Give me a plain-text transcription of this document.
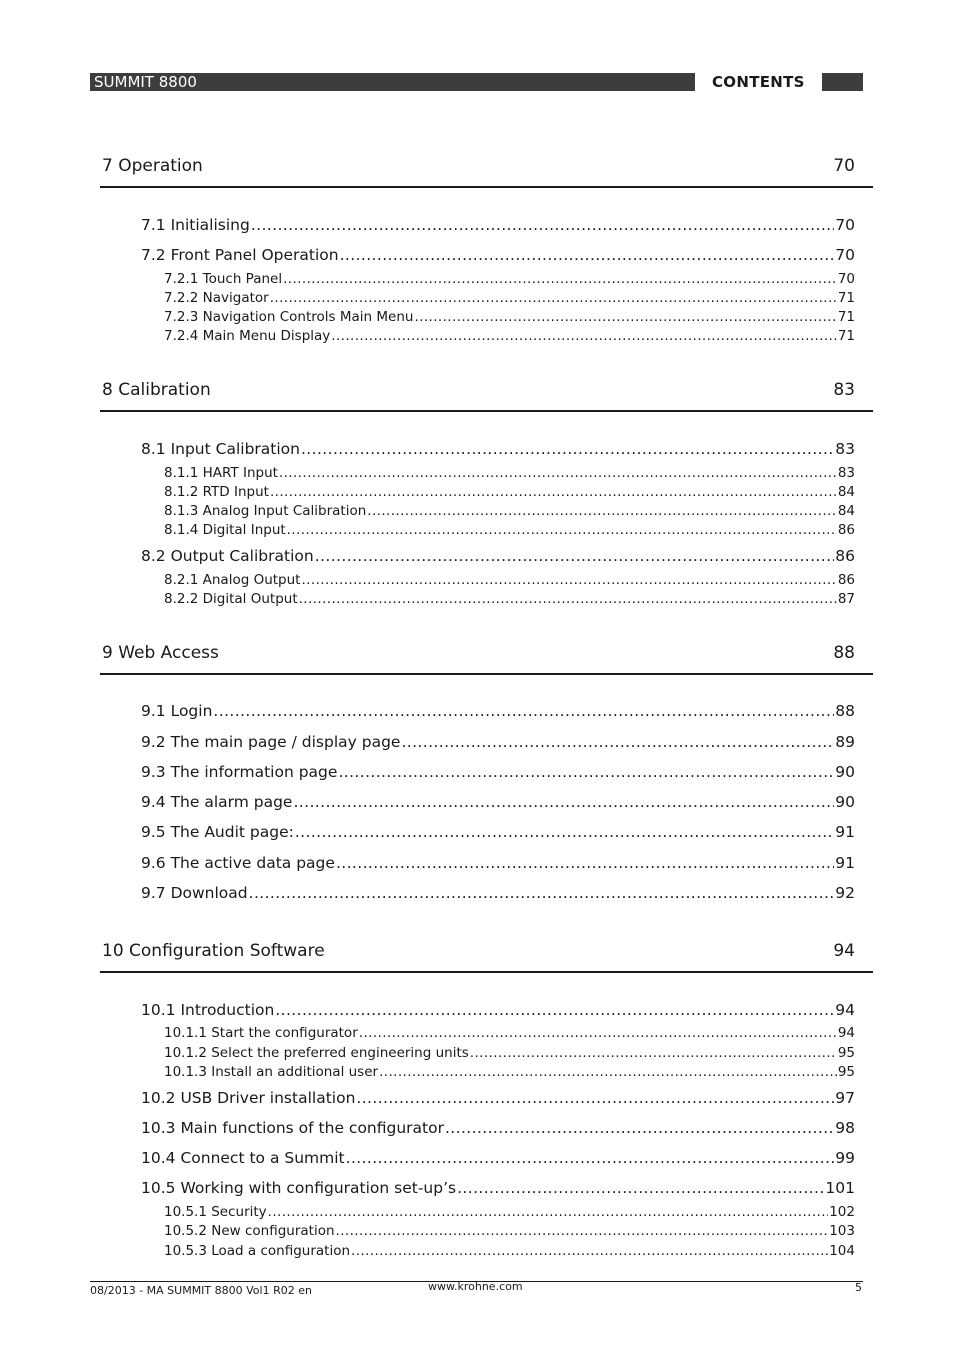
SUMMIT 8800	CONTENTS
7 Operation	70
7.1 Initialising .....	70
7.2 Front Panel Operation .....	70
7.2.1 Touch Panel .....	70
7.2.2 Navigator .....	71
7.2.3 Navigation Controls Main Menu .....	71
7.2.4 Main Menu Display .....	71
8 Calibration	83
8.1 Input Calibration .....	83
8.1.1 HART Input .....	83
8.1.2 RTD Input .....	84
8.1.3 Analog Input Calibration .....	84
8.1.4 Digital Input .....	86
8.2 Output Calibration .....	86
8.2.1 Analog Output .....	86
8.2.2 Digital Output .....	87
9 Web Access	88
9.1 Login .....	88
9.2 The main page / display page .....	89
9.3 The information page .....	90
9.4 The alarm page .....	90
9.5 The Audit page: .....	91
9.6 The active data page .....	91
9.7 Download .....	92
10 Configuration Software	94
10.1 Introduction .....	94
10.1.1 Start the configurator .....	94
10.1.2 Select the preferred engineering units .....	95
10.1.3 Install an additional user .....	95
10.2 USB Driver installation .....	97
10.3 Main functions of the configurator .....	98
10.4 Connect to a Summit .....	99
10.5 Working with configuration set-up’s .....	101
10.5.1 Security .....	102
10.5.2 New configuration .....	103
10.5.3 Load a configuration .....	104
08/2013 - MA SUMMIT 8800 Vol1 R02 en	www.krohne.com	5
